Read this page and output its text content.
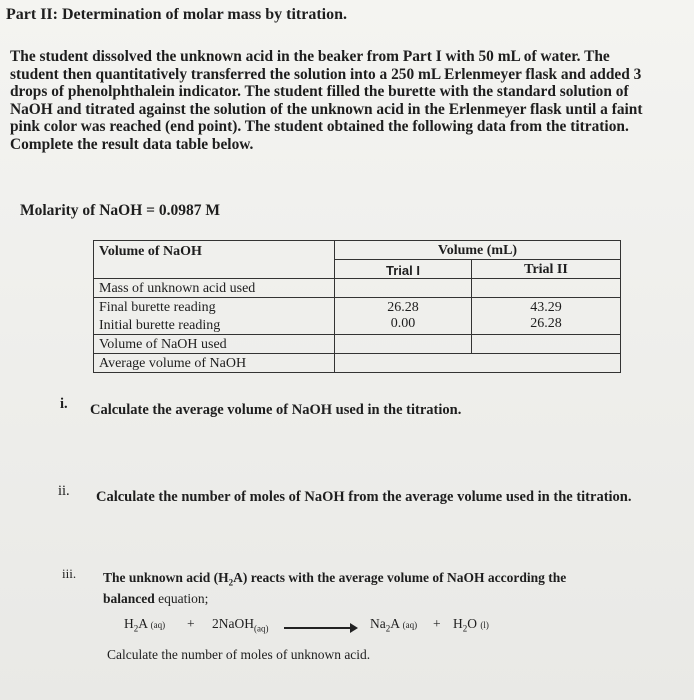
Part II: Determination of molar mass by titration.
The student dissolved the unknown acid in the beaker from Part I with 50 mL of water. The
student then quantitatively transferred the solution into a 250 mL Erlenmeyer flask and added 3
drops of phenolphthalein indicator. The student filled the burette with the standard solution of
NaOH and titrated against the solution of the unknown acid in the Erlenmeyer flask until a faint
pink color was reached (end point). The student obtained the following data from the titration.
Complete the result data table below.
Molarity of NaOH = 0.0987 M
Volume of NaOH	Volume (mL)	
	Trial I	Trial II
Mass of unknown acid used		
Final burette reading	26.28	43.29
Initial burette reading	0.00	26.28
Volume of NaOH used		
Average volume of NaOH		
i. Calculate the average volume of NaOH used in the titration.
ii. Calculate the number of moles of NaOH from the average volume used in the titration.
iii. The unknown acid $(H_2A)$ reacts with the average volume of NaOH according the
balanced equation;
$H_2A$ (aq) + 2NaOH$_{(aq)}$	$Na_2A$ $(aq) + H_2O$ (l)
Calculate the number of moles of unknown acid.
